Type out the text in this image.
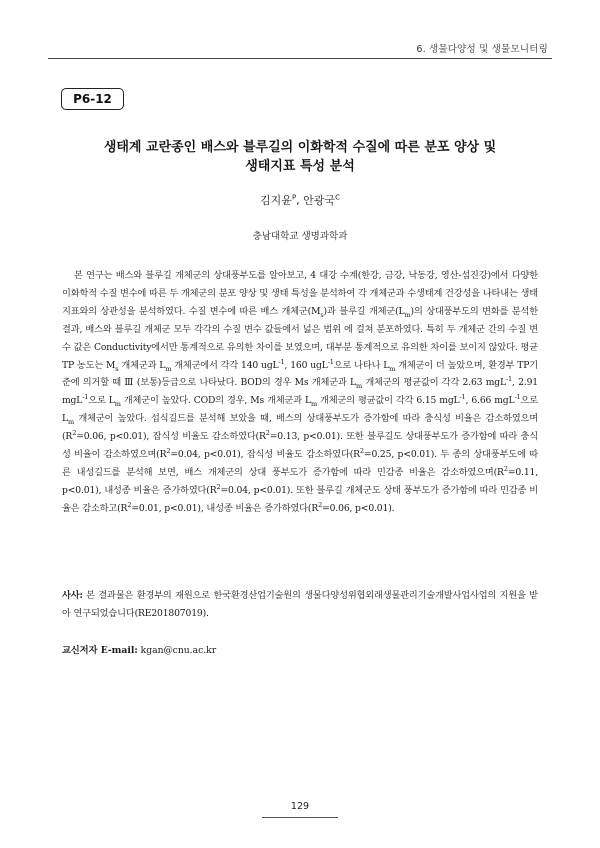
6. 생물다양성 및 생물모니터링
P6-12
생태계 교란종인 배스와 블루길의 이화학적 수질에 따른 분포 양상 및
생태지표 특성 분석
김지윤$^P$, 안광국$^C$
충남대학교 생명과학과

본 연구는 배스와 블루길 개체군의 상대풍부도를 알아보고, 4 대강 수계(한강, 금강, 낙동강, 영산-섬진강)에서 다양한 이화학적 수질 변수에 따른 두 개체군의 분포 양상 및 생태 특성을 분석하여 각 개체군과 수생태계 건강성을 나타내는 생태지표와의 상관성을 분석하였다. 수질 변수에 따른 배스 개체군$(M_s)$과 블루길 개체군$(L_m)$의 상대풍부도의 변화를 분석한 결과, 배스와 블루길 개체군 모두 각각의 수질 변수 값들에서 넓은 범위 에 걸쳐 분포하였다. 특히 두 개체군 간의 수질 변수 값은 Conductivity에서만 통계적으로 유의한 차이를 보였으며, 대부분 통계적으로 유의한 차이를 보이지 않았다. 평균 TP 농도는 $M_s$ 개체군과 $L_m$ 개체군에서 각각 140 ugL$^{-1}$, 160 ugL$^{-1}$으로 나타나 $L_m$ 개체군이 더 높았으며, 환경부 TP기준에 의거할 때 Ⅲ (보통)등급으로 나타났다. BOD의 경우 Ms 개체군과 $L_m$ 개체군의 평균값이 각각 2.63 mgL$^{-1}$, 2.91 mgL$^{-1}$으로 $L_m$ 개체군이 높았다. COD의 경우, Ms 개체군과 $L_m$ 개체군의 평균값이 각각 6.15 mgL$^{-1}$, 6.66 mgL$^{-1}$으로 $L_m$ 개체군이 높았다. 섭식길드를 분석해 보았을 때, 배스의 상대풍부도가 증가함에 따라 충식성 비율은 감소하였으며($R^2=0.06$, p<0.01), 잡식성 비율도 감소하였다($R^2=0.13$, p<0.01). 또한 블루길도 상대풍부도가 증가함에 따라 충식성 비율이 감소하였으며($R^2=0.04$, p<0.01), 잡식성 비율도 감소하였다($R^2=0.25$, p<0.01). 두 종의 상대풍부도에 따른 내성길드를 분석해 보면, 배스 개체군의 상대 풍부도가 증가함에 따라 민감종 비율은 감소하였으며($R^2=0.11$, p<0.01), 내성종 비율은 증가하였다($R^2=0.04$, p<0.01). 또한 블루길 개체군도 상태 풍부도가 증가함에 따라 민감종 비율은 감소하고($R^2=0.01$, p<0.01), 내성종 비율은 증가하였다($R^2=0.06$, p<0.01).

사사: 본 결과물은 환경부의 재원으로 한국환경산업기술원의 생물다양성위협외래생물관리기술개발사업사업의 지원을 받아 연구되었습니다(RE201807019).

교신저자 E-mail: kgan@cnu.ac.kr

129
